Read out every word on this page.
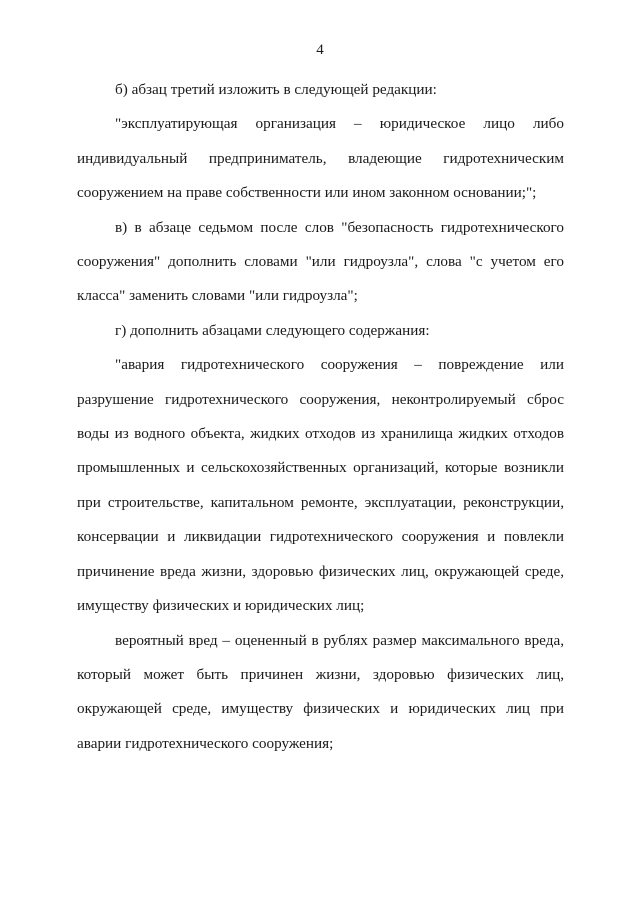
4

б) абзац третий изложить в следующей редакции:

"эксплуатирующая организация – юридическое лицо либо индивидуальный предприниматель, владеющие гидротехническим сооружением на праве собственности или ином законном основании;";

в) в абзаце седьмом после слов "безопасность гидротехнического сооружения" дополнить словами "или гидроузла", слова "с учетом его класса" заменить словами "или гидроузла";

г) дополнить абзацами следующего содержания:

"авария гидротехнического сооружения – повреждение или разрушение гидротехнического сооружения, неконтролируемый сброс воды из водного объекта, жидких отходов из хранилища жидких отходов промышленных и сельскохозяйственных организаций, которые возникли при строительстве, капитальном ремонте, эксплуатации, реконструкции, консервации и ликвидации гидротехнического сооружения и повлекли причинение вреда жизни, здоровью физических лиц, окружающей среде, имуществу физических и юридических лиц;

вероятный вред – оцененный в рублях размер максимального вреда, который может быть причинен жизни, здоровью физических лиц, окружающей среде, имуществу физических и юридических лиц при аварии гидротехнического сооружения;
